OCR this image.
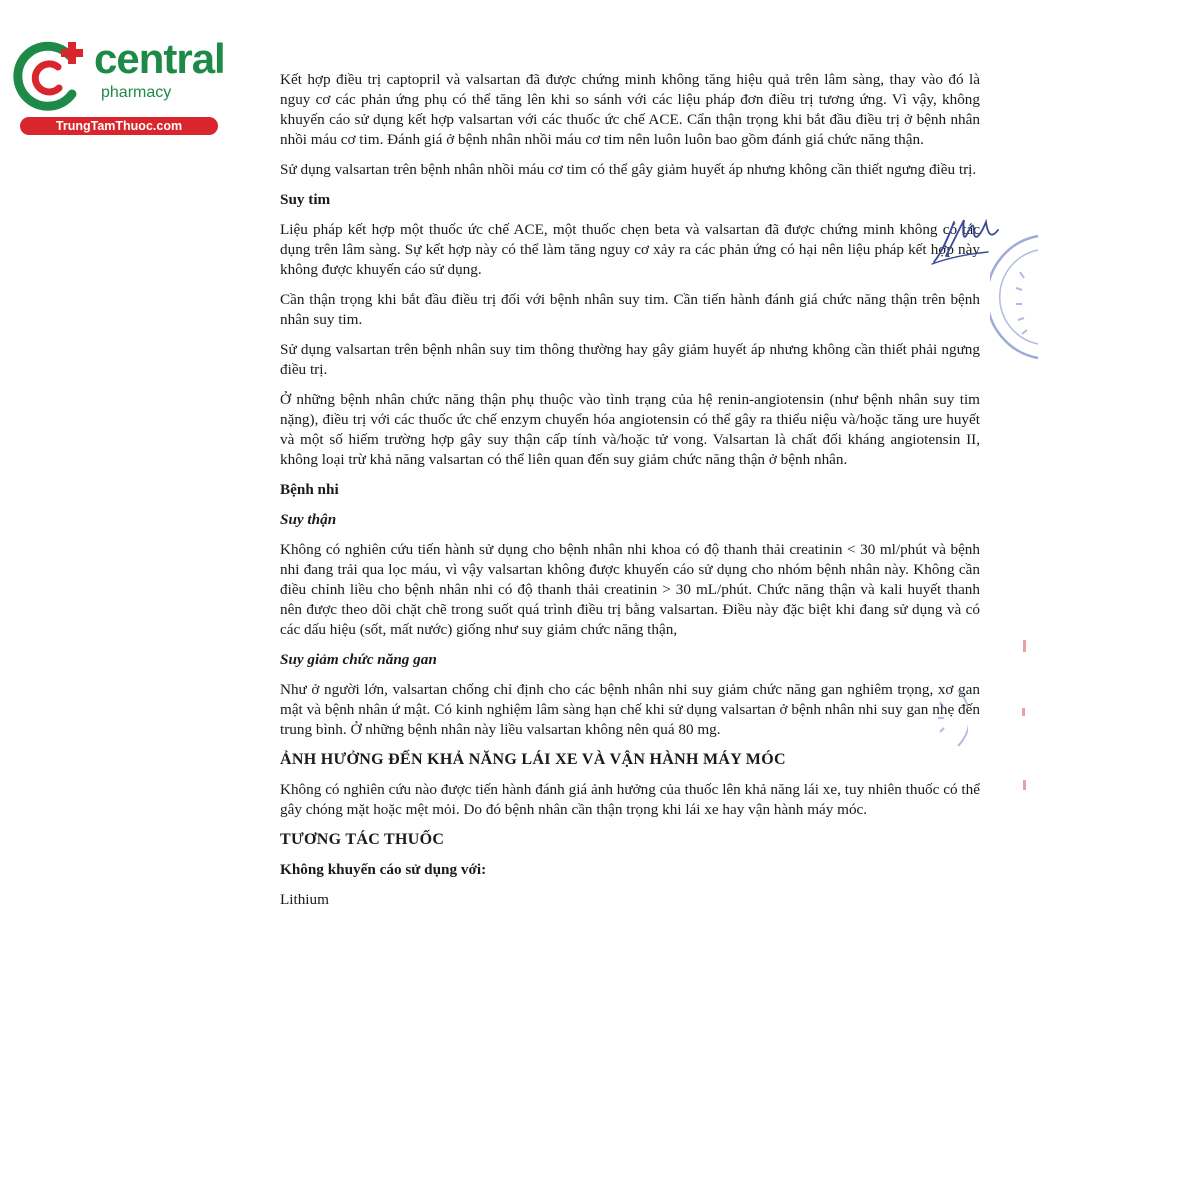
central
pharmacy
TrungTamThuoc.com

Kết hợp điều trị captopril và valsartan đã được chứng minh không tăng hiệu quả trên lâm sàng, thay vào đó là nguy cơ các phản ứng phụ có thể tăng lên khi so sánh với các liệu pháp đơn điều trị tương ứng. Vì vậy, không khuyến cáo sử dụng kết hợp valsartan với các thuốc ức chế ACE. Cẩn thận trọng khi bắt đầu điều trị ở bệnh nhân nhồi máu cơ tim. Đánh giá ở bệnh nhân nhồi máu cơ tim nên luôn luôn bao gồm đánh giá chức năng thận.

Sử dụng valsartan trên bệnh nhân nhồi máu cơ tim có thể gây giảm huyết áp nhưng không cần thiết ngưng điều trị.

Suy tim

Liệu pháp kết hợp một thuốc ức chế ACE, một thuốc chẹn beta và valsartan đã được chứng minh không có tác dụng trên lâm sàng. Sự kết hợp này có thể làm tăng nguy cơ xảy ra các phản ứng có hại nên liệu pháp kết hợp này không được khuyến cáo sử dụng.

Cần thận trọng khi bắt đầu điều trị đối với bệnh nhân suy tim. Cần tiến hành đánh giá chức năng thận trên bệnh nhân suy tim.

Sử dụng valsartan trên bệnh nhân suy tim thông thường hay gây giảm huyết áp nhưng không cần thiết phải ngưng điều trị.

Ở những bệnh nhân chức năng thận phụ thuộc vào tình trạng của hệ renin-angiotensin (như bệnh nhân suy tim nặng), điều trị với các thuốc ức chế enzym chuyển hóa angiotensin có thể gây ra thiểu niệu và/hoặc tăng ure huyết và một số hiếm trường hợp gây suy thận cấp tính và/hoặc tử vong. Valsartan là chất đối kháng angiotensin II, không loại trừ khả năng valsartan có thể liên quan đến suy giảm chức năng thận ở bệnh nhân.

Bệnh nhi
Suy thận

Không có nghiên cứu tiến hành sử dụng cho bệnh nhân nhi khoa có độ thanh thải creatinin < 30 ml/phút và bệnh nhi đang trải qua lọc máu, vì vậy valsartan không được khuyến cáo sử dụng cho nhóm bệnh nhân này. Không cần điều chỉnh liều cho bệnh nhân nhi có độ thanh thải creatinin > 30 mL/phút. Chức năng thận và kali huyết thanh nên được theo dõi chặt chẽ trong suốt quá trình điều trị bằng valsartan. Điều này đặc biệt khi đang sử dụng và có các dấu hiệu (sốt, mất nước) giống như suy giảm chức năng thận,

Suy giảm chức năng gan

Như ở người lớn, valsartan chống chỉ định cho các bệnh nhân nhi suy giảm chức năng gan nghiêm trọng, xơ gan mật và bệnh nhân ứ mật. Có kinh nghiệm lâm sàng hạn chế khi sử dụng valsartan ở bệnh nhân nhi suy gan nhẹ đến trung bình. Ở những bệnh nhân này liều valsartan không nên quá 80 mg.

ẢNH HƯỞNG ĐẾN KHẢ NĂNG LÁI XE VÀ VẬN HÀNH MÁY MÓC

Không có nghiên cứu nào được tiến hành đánh giá ảnh hưởng của thuốc lên khả năng lái xe, tuy nhiên thuốc có thể gây chóng mặt hoặc mệt mỏi. Do đó bệnh nhân cần thận trọng khi lái xe hay vận hành máy móc.

TƯƠNG TÁC THUỐC
Không khuyến cáo sử dụng với:

Lithium
